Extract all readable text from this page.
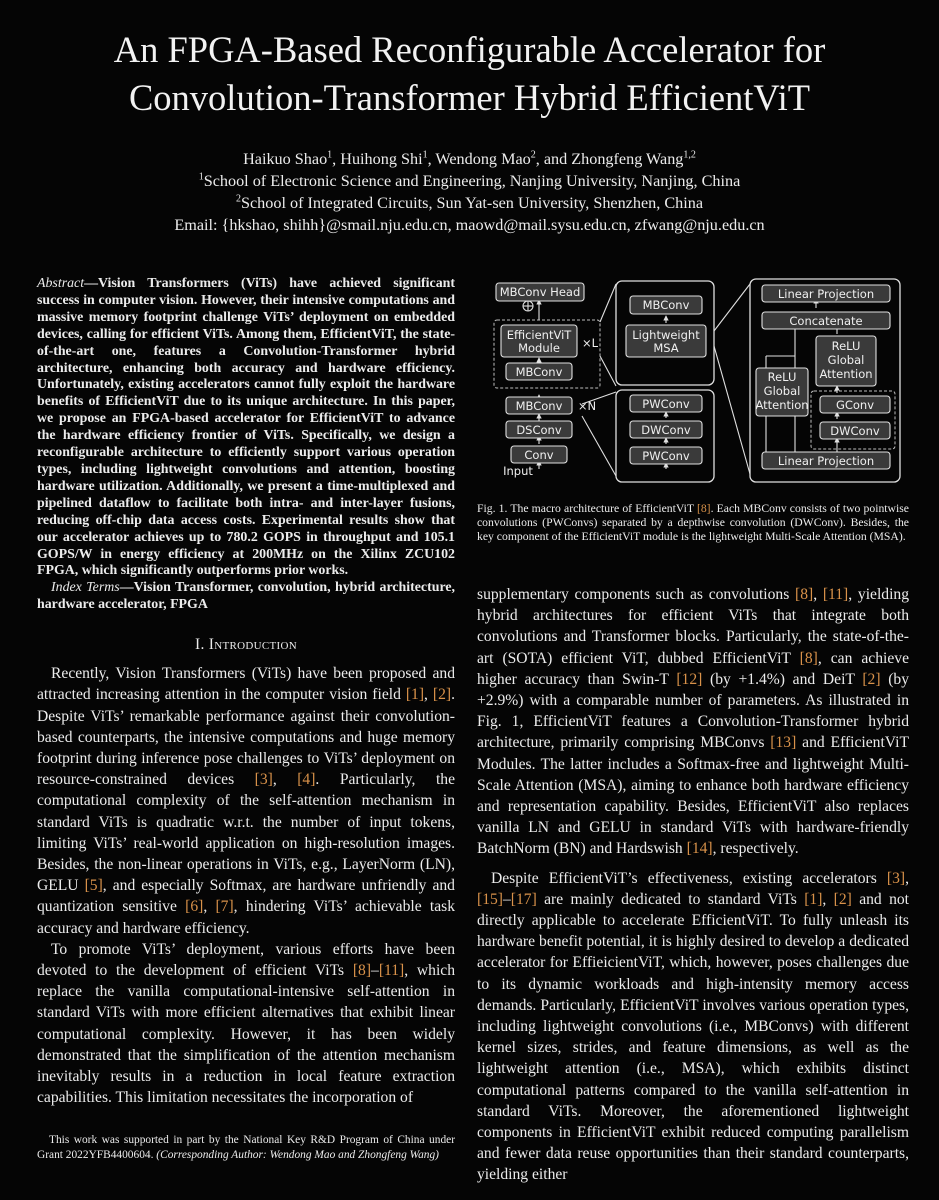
An FPGA-Based Reconfigurable Accelerator for
Convolution-Transformer Hybrid EfficientViT
Haikuo Shao$^1$, Huihong Shi$^1$, Wendong Mao$^2$, and Zhongfeng Wang$^{1,2}$
$^1$School of Electronic Science and Engineering, Nanjing University, Nanjing, China
$^2$School of Integrated Circuits, Sun Yat-sen University, Shenzhen, China
Email: {hkshao, shihh}@smail.nju.edu.cn, maowd@mail.sysu.edu.cn, zfwang@nju.edu.cn

Abstract—Vision Transformers (ViTs) have achieved significant success in computer vision. However, their intensive computations and massive memory footprint challenge ViTs’ deployment on embedded devices, calling for efficient ViTs. Among them, EfficientViT, the state-of-the-art one, features a Convolution-Transformer hybrid architecture, enhancing both accuracy and hardware efficiency. Unfortunately, existing accelerators cannot fully exploit the hardware benefits of EfficientViT due to its unique architecture. In this paper, we propose an FPGA-based accelerator for EfficientViT to advance the hardware efficiency frontier of ViTs. Specifically, we design a reconfigurable architecture to efficiently support various operation types, including lightweight convolutions and attention, boosting hardware utilization. Additionally, we present a time-multiplexed and pipelined dataflow to facilitate both intra- and inter-layer fusions, reducing off-chip data access costs. Experimental results show that our accelerator achieves up to 780.2 GOPS in throughput and 105.1 GOPS/W in energy efficiency at 200MHz on the Xilinx ZCU102 FPGA, which significantly outperforms prior works.

Index Terms—Vision Transformer, convolution, hybrid architecture, hardware accelerator, FPGA

I. Introduction

Recently, Vision Transformers (ViTs) have been proposed and attracted increasing attention in the computer vision field [1], [2]. Despite ViTs’ remarkable performance against their convolution-based counterparts, the intensive computations and huge memory footprint during inference pose challenges to ViTs’ deployment on resource-constrained devices [3], [4]. Particularly, the computational complexity of the self-attention mechanism in standard ViTs is quadratic w.r.t. the number of input tokens, limiting ViTs’ real-world application on high-resolution images. Besides, the non-linear operations in ViTs, e.g., LayerNorm (LN), GELU [5], and especially Softmax, are hardware unfriendly and quantization sensitive [6], [7], hindering ViTs’ achievable task accuracy and hardware efficiency.

To promote ViTs’ deployment, various efforts have been devoted to the development of efficient ViTs [8]–[11], which replace the vanilla computational-intensive self-attention in standard ViTs with more efficient alternatives that exhibit linear computational complexity. However, it has been widely demonstrated that the simplification of the attention mechanism inevitably results in a reduction in local feature extraction capabilities. This limitation necessitates the incorporation of

This work was supported in part by the National Key R&D Program of China under Grant 2022YFB4400604. (Corresponding Author: Wendong Mao and Zhongfeng Wang)
MBConv Head
EfficientViT
Module ×L
MBConv
MBConv ×N
DSConv
Conv
Input
MBConv
Lightweight
MSA
PWConv
DWConv
PWConv
Linear Projection
Concatenate
ReLU
Global
Attention
ReLU
Global
Attention GConv
DWConv
Linear Projection
Fig. 1. The macro architecture of EfficientViT [8]. Each MBConv consists of two pointwise convolutions (PWConvs) separated by a depthwise convolution (DWConv). Besides, the key component of the EfficientViT module is the lightweight Multi-Scale Attention (MSA).

supplementary components such as convolutions [8], [11], yielding hybrid architectures for efficient ViTs that integrate both convolutions and Transformer blocks. Particularly, the state-of-the-art (SOTA) efficient ViT, dubbed EfficientViT [8], can achieve higher accuracy than Swin-T [12] (by +1.4%) and DeiT [2] (by +2.9%) with a comparable number of parameters. As illustrated in Fig. 1, EfficientViT features a Convolution-Transformer hybrid architecture, primarily comprising MBConvs [13] and EfficientViT Modules. The latter includes a Softmax-free and lightweight Multi-Scale Attention (MSA), aiming to enhance both hardware efficiency and representation capability. Besides, EfficientViT also replaces vanilla LN and GELU in standard ViTs with hardware-friendly BatchNorm (BN) and Hardswish [14], respectively.

Despite EfficientViT’s effectiveness, existing accelerators [3], [15]–[17] are mainly dedicated to standard ViTs [1], [2] and not directly applicable to accelerate EfficientViT. To fully unleash its hardware benefit potential, it is highly desired to develop a dedicated accelerator for EffieicientViT, which, however, poses challenges due to its dynamic workloads and high-intensity memory access demands. Particularly, EfficientViT involves various operation types, including lightweight convolutions (i.e., MBConvs) with different kernel sizes, strides, and feature dimensions, as well as the lightweight attention (i.e., MSA), which exhibits distinct computational patterns compared to the vanilla self-attention in standard ViTs. Moreover, the aforementioned lightweight components in EfficientViT exhibit reduced computing parallelism and fewer data reuse opportunities than their standard counterparts, yielding either
